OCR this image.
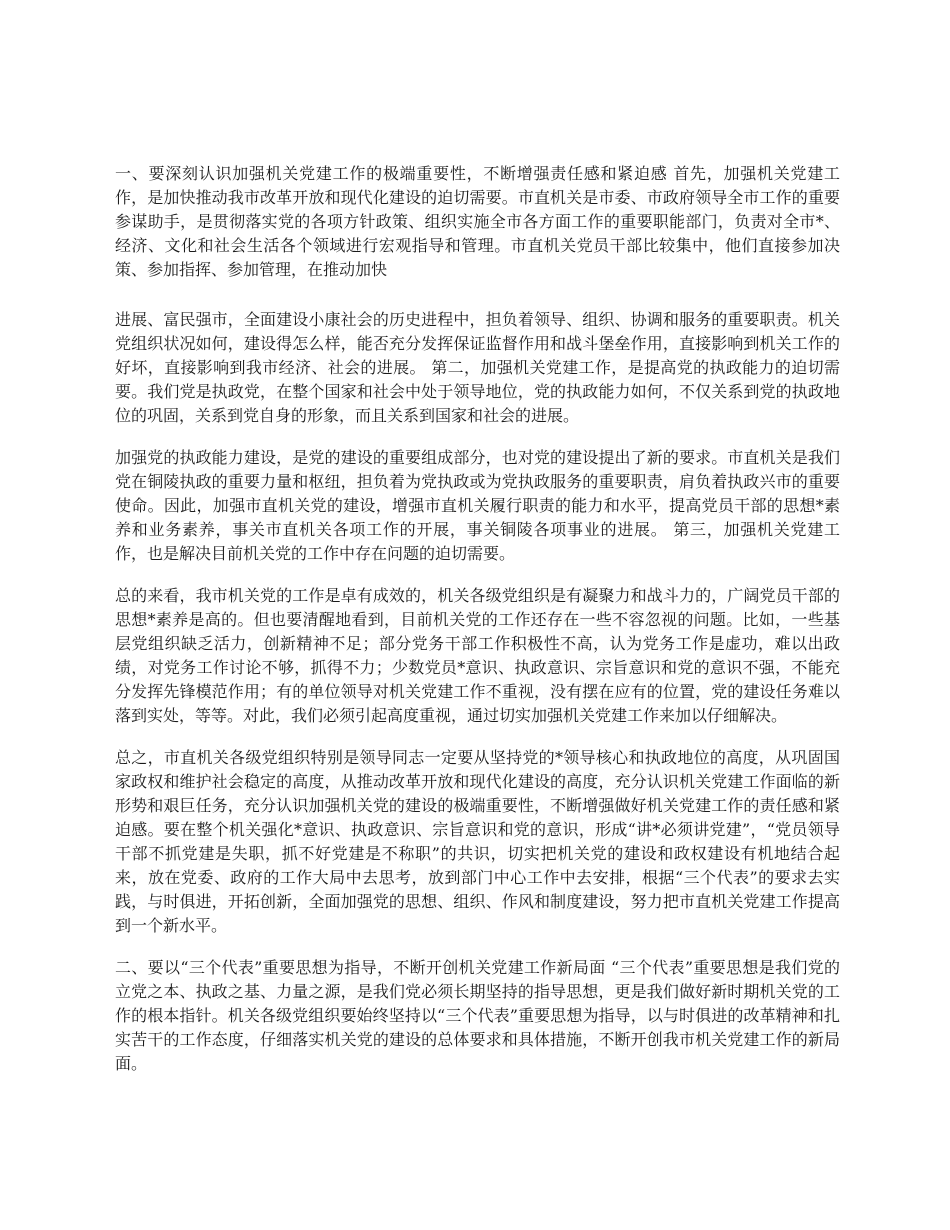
一、要深刻认识加强机关党建工作的极端重要性，不断增强责任感和紧迫感 首先，加强机关党建工作，是加快推动我市改革开放和现代化建设的迫切需要。市直机关是市委、市政府领导全市工作的重要参谋助手，是贯彻落实党的各项方针政策、组织实施全市各方面工作的重要职能部门，负责对全市*、经济、文化和社会生活各个领域进行宏观指导和管理。市直机关党员干部比较集中，他们直接参加决策、参加指挥、参加管理，在推动加快

进展、富民强市，全面建设小康社会的历史进程中，担负着领导、组织、协调和服务的重要职责。机关党组织状况如何，建设得怎么样，能否充分发挥保证监督作用和战斗堡垒作用，直接影响到机关工作的好坏，直接影响到我市经济、社会的进展。 第二，加强机关党建工作，是提高党的执政能力的迫切需要。我们党是执政党，在整个国家和社会中处于领导地位，党的执政能力如何，不仅关系到党的执政地位的巩固，关系到党自身的形象，而且关系到国家和社会的进展。

加强党的执政能力建设，是党的建设的重要组成部分，也对党的建设提出了新的要求。市直机关是我们党在铜陵执政的重要力量和枢纽，担负着为党执政或为党执政服务的重要职责，肩负着执政兴市的重要使命。因此，加强市直机关党的建设，增强市直机关履行职责的能力和水平，提高党员干部的思想*素养和业务素养，事关市直机关各项工作的开展，事关铜陵各项事业的进展。 第三，加强机关党建工作，也是解决目前机关党的工作中存在问题的迫切需要。

总的来看，我市机关党的工作是卓有成效的，机关各级党组织是有凝聚力和战斗力的，广阔党员干部的思想*素养是高的。但也要清醒地看到，目前机关党的工作还存在一些不容忽视的问题。比如，一些基层党组织缺乏活力，创新精神不足；部分党务干部工作积极性不高，认为党务工作是虚功，难以出政绩，对党务工作讨论不够，抓得不力；少数党员*意识、执政意识、宗旨意识和党的意识不强，不能充分发挥先锋模范作用；有的单位领导对机关党建工作不重视，没有摆在应有的位置，党的建设任务难以落到实处，等等。对此，我们必须引起高度重视，通过切实加强机关党建工作来加以仔细解决。

总之，市直机关各级党组织特别是领导同志一定要从坚持党的*领导核心和执政地位的高度，从巩固国家政权和维护社会稳定的高度，从推动改革开放和现代化建设的高度，充分认识机关党建工作面临的新形势和艰巨任务，充分认识加强机关党的建设的极端重要性，不断增强做好机关党建工作的责任感和紧迫感。要在整个机关强化*意识、执政意识、宗旨意识和党的意识，形成“讲*必须讲党建”，“党员领导干部不抓党建是失职，抓不好党建是不称职”的共识，切实把机关党的建设和政权建设有机地结合起来，放在党委、政府的工作大局中去思考，放到部门中心工作中去安排，根据“三个代表”的要求去实践，与时俱进，开拓创新，全面加强党的思想、组织、作风和制度建设，努力把市直机关党建工作提高到一个新水平。

二、要以“三个代表”重要思想为指导，不断开创机关党建工作新局面 “三个代表”重要思想是我们党的立党之本、执政之基、力量之源，是我们党必须长期坚持的指导思想，更是我们做好新时期机关党的工作的根本指针。机关各级党组织要始终坚持以“三个代表”重要思想为指导，以与时俱进的改革精神和扎实苦干的工作态度，仔细落实机关党的建设的总体要求和具体措施，不断开创我市机关党建工作的新局面。
